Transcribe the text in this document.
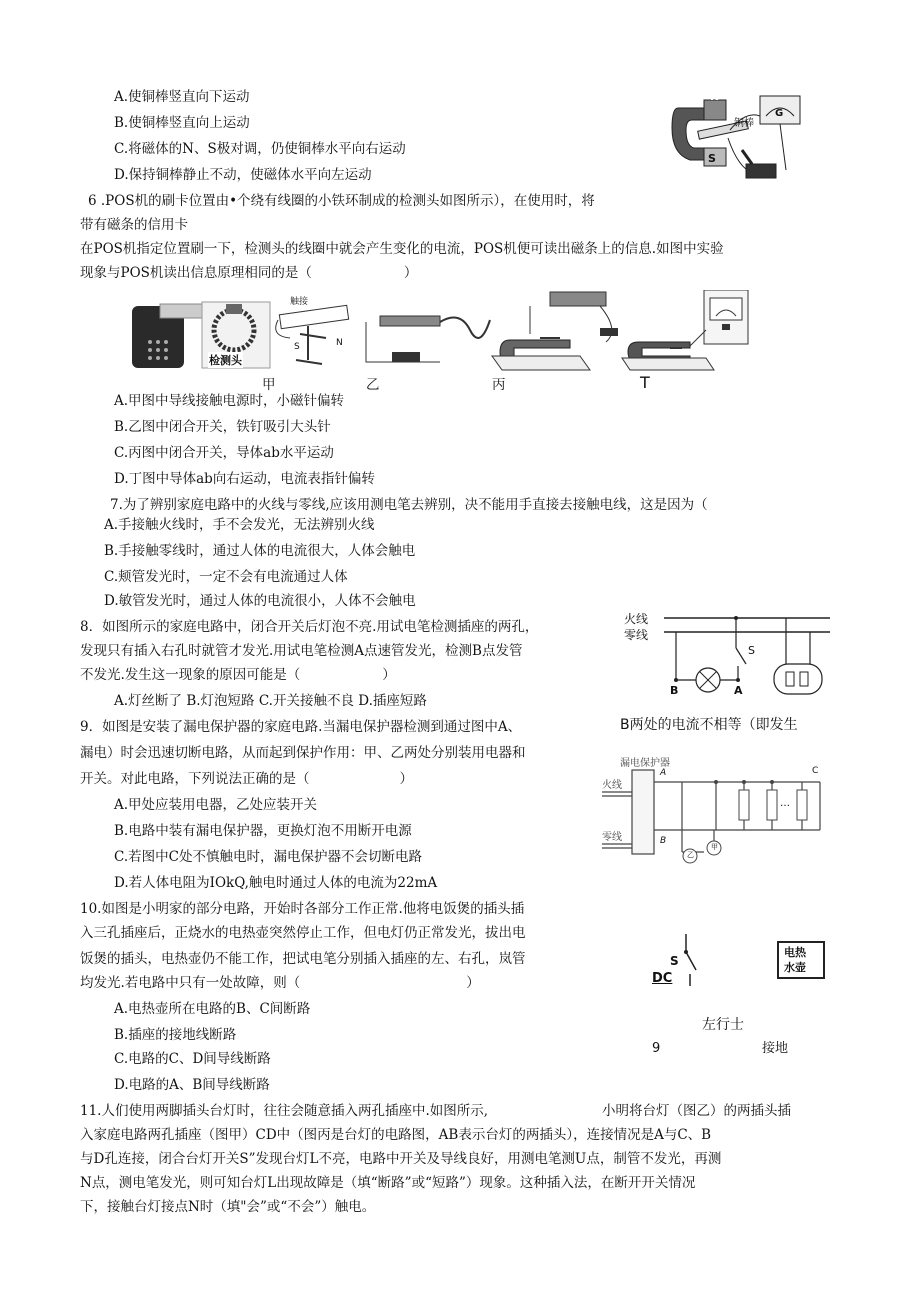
A.使铜棒竖直向下运动
B.使铜棒竖直向上运动
C.将磁体的N、S极对调，仍使铜棒水平向右运动
D.保持铜棒静止不动，使磁体水平向左运动
N
S
铜棒
G
6 .POS机的刷卡位置由•个绕有线圈的小铁环制成的检测头如图所示），在使用时，将
带有磁条的信用卡
在POS机指定位置刷一下，检测头的线圈中就会产生变化的电流，POS机便可读出磁条上的信息.如图中实验
现象与POS机读出信息原理相同的是（	）
检测头
触接
S	N
甲	乙	丙	T
A.甲图中导线接触电源时，小磁针偏转
B.乙图中闭合开关，铁钉吸引大头针
C.丙图中闭合开关，导体ab水平运动
D.丁图中导体ab向右运动，电流表指针偏转
7.为了辨别家庭电路中的火线与零线,应该用测电笔去辨别，决不能用手直接去接触电线，这是因为（
A.手接触火线时，手不会发光，无法辨别火线
B.手接触零线时，通过人体的电流很大，人体会触电
C.颊管发光时，一定不会有电流通过人体
D.敏管发光时，通过人体的电流很小，人体不会触电
8．如图所示的家庭电路中，闭合开关后灯泡不亮.用试电笔检测插座的两孔，
发现只有插入右孔时就管才发光.用试电笔检测A点速管发光，检测B点发管
不发光.发生这一现象的原因可能是（	）
A.灯丝断了 B.灯泡短路 C.开关接触不良 D.插座短路
火线
零线
S
B	A
9．如图是安装了漏电保护器的家庭电路.当漏电保护器检测到通过图中A、	B两处的电流不相等（即发生
漏电）时会迅速切断电路，从而起到保护作用：甲、乙两处分别装用电器和
开关。对此电路，下列说法正确的是（	）
A.甲处应装用电器，乙处应装开关
B.电路中装有漏电保护器，更换灯泡不用断开电源
C.若图中C处不慎触电时，漏电保护器不会切断电路
D.若人体电阻为IOkQ,触电时通过人体的电流为22mA
漏电保护器
火线
零线
A
B
C
乙
甲
…
10.如图是小明家的部分电路，开始时各部分工作正常.他将电饭煲的插头插
入三孔插座后，正烧水的电热壶突然停止工作，但电灯仍正常发光，拔出电
饭煲的插头，电热壶仍不能工作，把试电笔分别插入插座的左、右孔，岚管
均发光.若电路中只有一处故障，则（	）
A.电热壶所在电路的B、C间断路
B.插座的接地线断路
C.电路的C、D间导线断路
D.电路的A、B间导线断路
S
电热
水壶
DC
左行士
9	接地
11.人们使用两脚插头台灯时，往往会随意插入两孔插座中.如图所示,	小明将台灯（图乙）的两插头插
入家庭电路两孔插座（图甲）CD中（图丙是台灯的电路图，AB表示台灯的两插头），连接情况是A与C、B
与D孔连接，闭合台灯开关S”发现台灯L不亮，电路中开关及导线良好，用测电笔测U点，制管不发光，再测
N点，测电笔发光，则可知台灯L出现故障是（填“断路”或“短路”）现象。这种插入法，在断开开关情况
下，接触台灯接点N时（填"会”或“不会”）触电。
